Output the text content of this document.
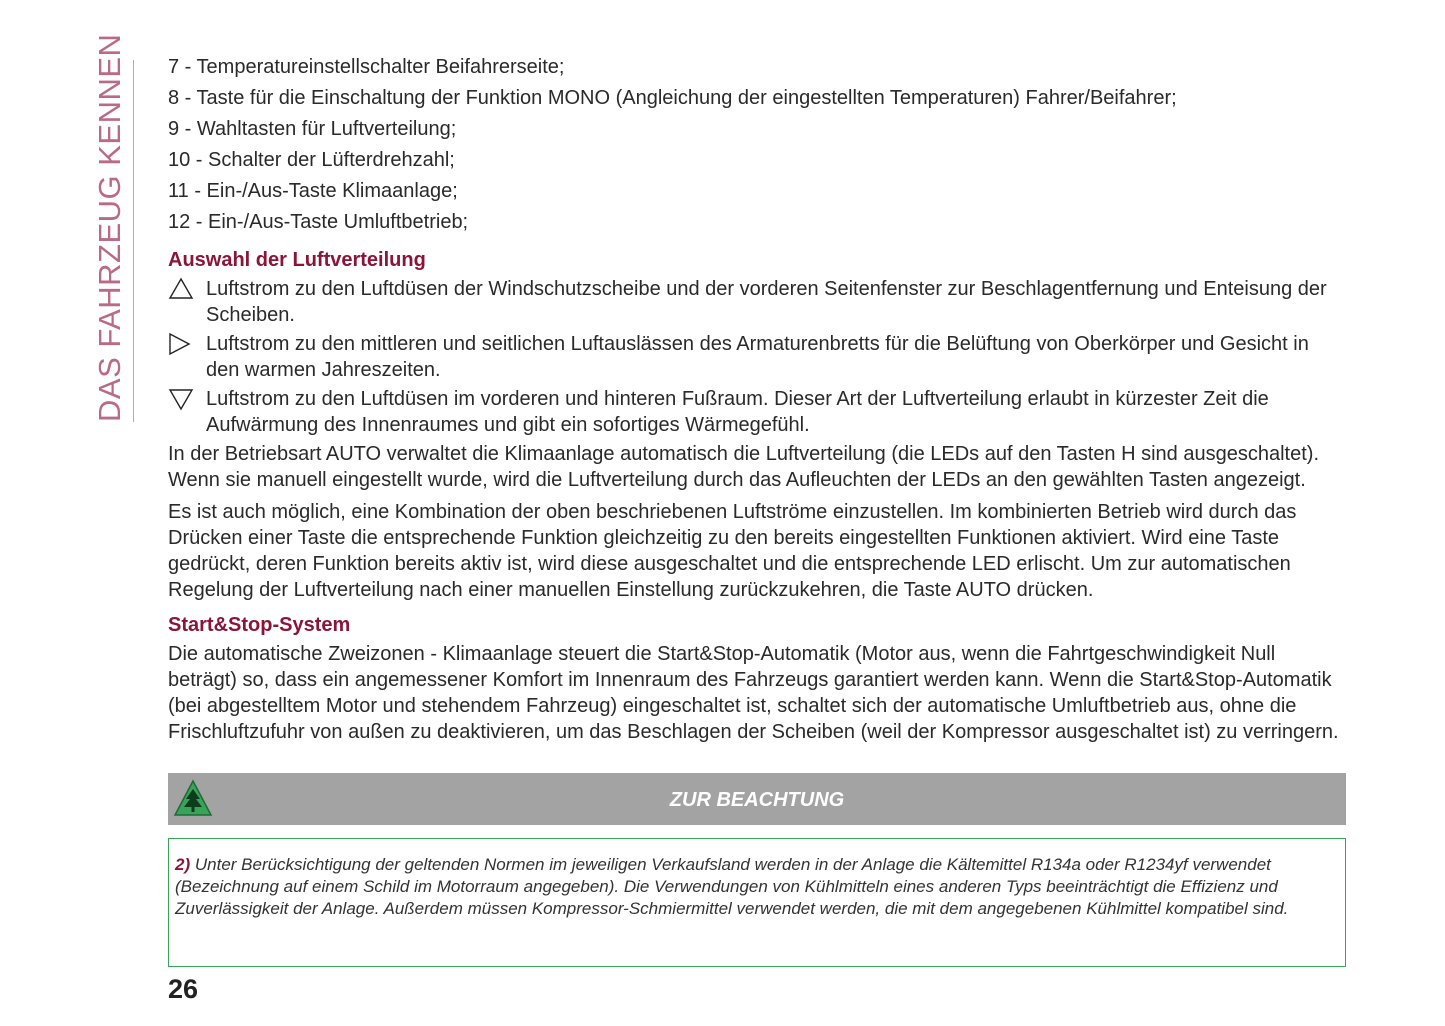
DAS FAHRZEUG KENNEN 7 - Temperatureinstellschalter Beifahrerseite;
8 - Taste für die Einschaltung der Funktion MONO (Angleichung der eingestellten Temperaturen) Fahrer/Beifahrer;
9 - Wahltasten für Luftverteilung;
10 - Schalter der Lüfterdrehzahl;
11 - Ein-/Aus-Taste Klimaanlage;
12 - Ein-/Aus-Taste Umluftbetrieb;
Auswahl der Luftverteilung
Luftstrom zu den Luftdüsen der Windschutzscheibe und der vorderen Seitenfenster zur Beschlagentfernung und Enteisung der Scheiben.
Luftstrom zu den mittleren und seitlichen Luftauslässen des Armaturenbretts für die Belüftung von Oberkörper und Gesicht in den warmen Jahreszeiten.
Luftstrom zu den Luftdüsen im vorderen und hinteren Fußraum. Dieser Art der Luftverteilung erlaubt in kürzester Zeit die Aufwärmung des Innenraumes und gibt ein sofortiges Wärmegefühl.

In der Betriebsart AUTO verwaltet die Klimaanlage automatisch die Luftverteilung (die LEDs auf den Tasten H sind ausgeschaltet). Wenn sie manuell eingestellt wurde, wird die Luftverteilung durch das Aufleuchten der LEDs an den gewählten Tasten angezeigt.

Es ist auch möglich, eine Kombination der oben beschriebenen Luftströme einzustellen. Im kombinierten Betrieb wird durch das Drücken einer Taste die entsprechende Funktion gleichzeitig zu den bereits eingestellten Funktionen aktiviert. Wird eine Taste gedrückt, deren Funktion bereits aktiv ist, wird diese ausgeschaltet und die entsprechende LED erlischt. Um zur automatischen Regelung der Luftverteilung nach einer manuellen Einstellung zurückzukehren, die Taste AUTO drücken.

Start&Stop-System

Die automatische Zweizonen - Klimaanlage steuert die Start&Stop-Automatik (Motor aus, wenn die Fahrtgeschwindigkeit Null beträgt) so, dass ein angemessener Komfort im Innenraum des Fahrzeugs garantiert werden kann. Wenn die Start&Stop-Automatik (bei abgestelltem Motor und stehendem Fahrzeug) eingeschaltet ist, schaltet sich der automatische Umluftbetrieb aus, ohne die Frischluftzufuhr von außen zu deaktivieren, um das Beschlagen der Scheiben (weil der Kompressor ausgeschaltet ist) zu verringern.

ZUR BEACHTUNG
2) Unter Berücksichtigung der geltenden Normen im jeweiligen Verkaufsland werden in der Anlage die Kältemittel R134a oder R1234yf verwendet (Bezeichnung auf einem Schild im Motorraum angegeben). Die Verwendungen von Kühlmitteln eines anderen Typs beeinträchtigt die Effizienz und Zuverlässigkeit der Anlage. Außerdem müssen Kompressor-Schmiermittel verwendet werden, die mit dem angegebenen Kühlmittel kompatibel sind.
26
